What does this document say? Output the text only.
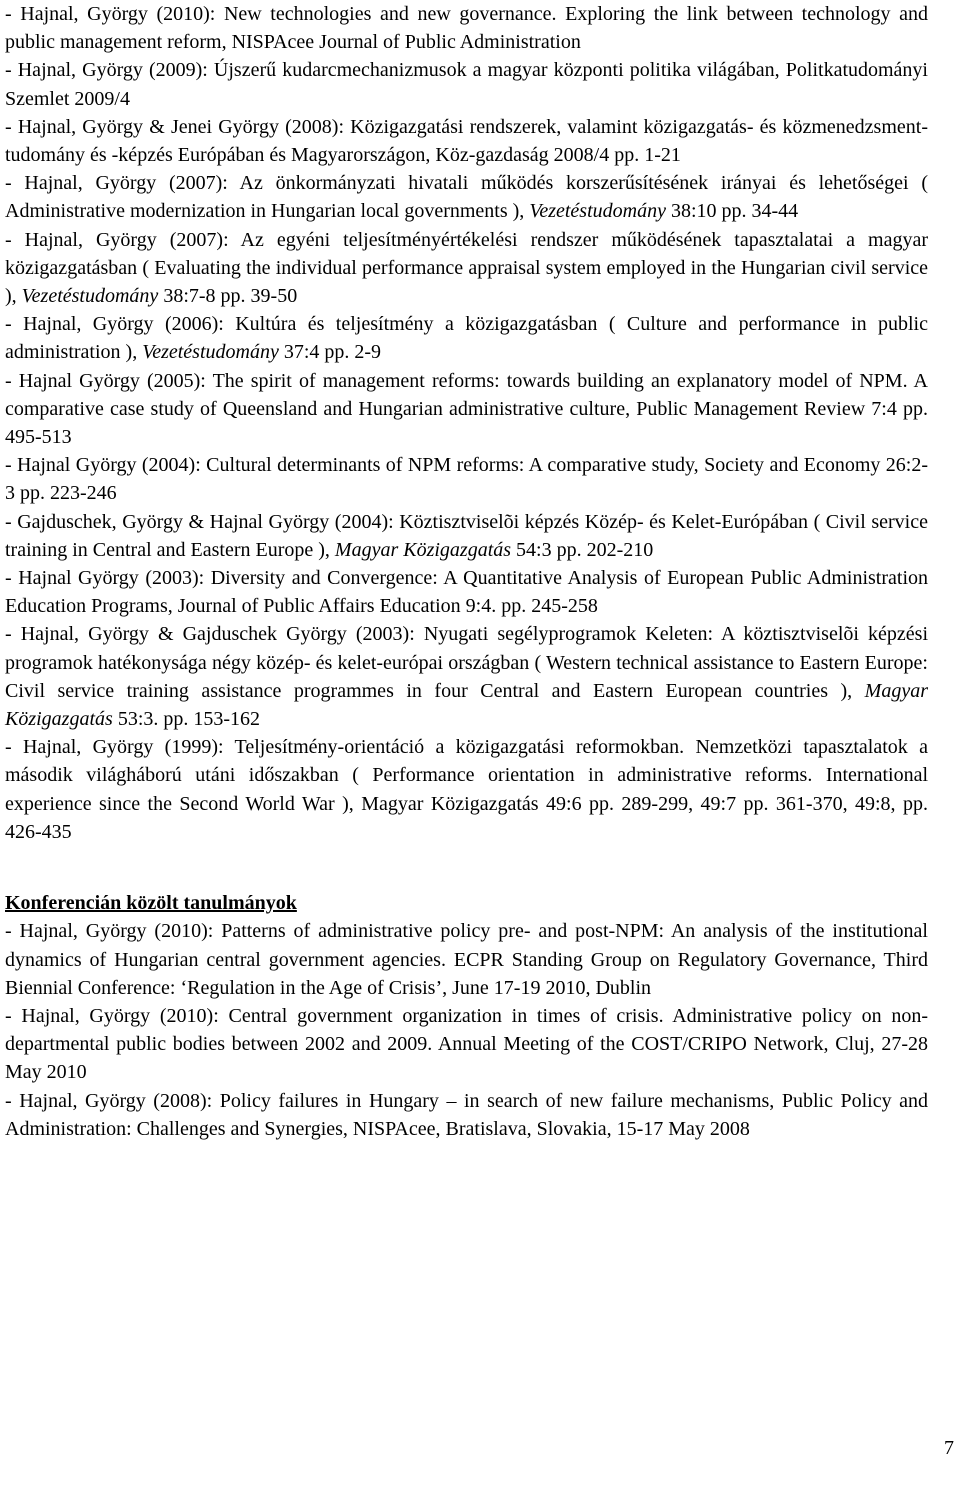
- Hajnal, György (2010): New technologies and new governance. Exploring the link between technology and public management reform, NISPAcee Journal of Public Administration

- Hajnal, György (2009): Újszerű kudarcmechanizmusok a magyar központi politika világában, Politkatudományi Szemlet 2009/4

- Hajnal, György & Jenei György (2008): Közigazgatási rendszerek, valamint közigazgatás- és közmenedzsment-tudomány és -képzés Európában és Magyarországon, Köz-gazdaság 2008/4 pp. 1-21

- Hajnal, György (2007): Az önkormányzati hivatali működés korszerűsítésének irányai és lehetőségei ( Administrative modernization in Hungarian local governments ), Vezetéstudomány 38:10 pp. 34-44

- Hajnal, György (2007): Az egyéni teljesítményértékelési rendszer működésének tapasztalatai a magyar közigazgatásban ( Evaluating the individual performance appraisal system employed in the Hungarian civil service ), Vezetéstudomány 38:7-8 pp. 39-50

- Hajnal, György (2006): Kultúra és teljesítmény a közigazgatásban ( Culture and performance in public administration ), Vezetéstudomány 37:4 pp. 2-9

- Hajnal György (2005): The spirit of management reforms: towards building an explanatory model of NPM. A comparative case study of Queensland and Hungarian administrative culture, Public Management Review 7:4 pp. 495-513

- Hajnal György (2004): Cultural determinants of NPM reforms: A comparative study, Society and Economy 26:2-3 pp. 223-246

- Gajduschek, György & Hajnal György (2004): Köztisztviselõi képzés Közép- és Kelet-Európában ( Civil service training in Central and Eastern Europe ), Magyar Közigazgatás 54:3 pp. 202-210

- Hajnal György (2003): Diversity and Convergence: A Quantitative Analysis of European Public Administration Education Programs, Journal of Public Affairs Education 9:4. pp. 245-258

- Hajnal, György & Gajduschek György (2003): Nyugati segélyprogramok Keleten: A köztisztviselõi képzési programok hatékonysága négy közép- és kelet-európai országban ( Western technical assistance to Eastern Europe: Civil service training assistance programmes in four Central and Eastern European countries ), Magyar Közigazgatás 53:3. pp. 153-162

- Hajnal, György (1999): Teljesítmény-orientáció a közigazgatási reformokban. Nemzetközi tapasztalatok a második világháború utáni időszakban ( Performance orientation in administrative reforms. International experience since the Second World War ), Magyar Közigazgatás 49:6 pp. 289-299, 49:7 pp. 361-370, 49:8, pp. 426-435

Konferencián közölt tanulmányok

- Hajnal, György (2010): Patterns of administrative policy pre- and post-NPM: An analysis of the institutional dynamics of Hungarian central government agencies. ECPR Standing Group on Regulatory Governance, Third Biennial Conference: ‘Regulation in the Age of Crisis’, June 17-19 2010, Dublin

- Hajnal, György (2010): Central government organization in times of crisis. Administrative policy on non-departmental public bodies between 2002 and 2009. Annual Meeting of the COST/CRIPO Network, Cluj, 27-28 May 2010

- Hajnal, György (2008): Policy failures in Hungary – in search of new failure mechanisms, Public Policy and Administration: Challenges and Synergies, NISPAcee, Bratislava, Slovakia, 15-17 May 2008

7
